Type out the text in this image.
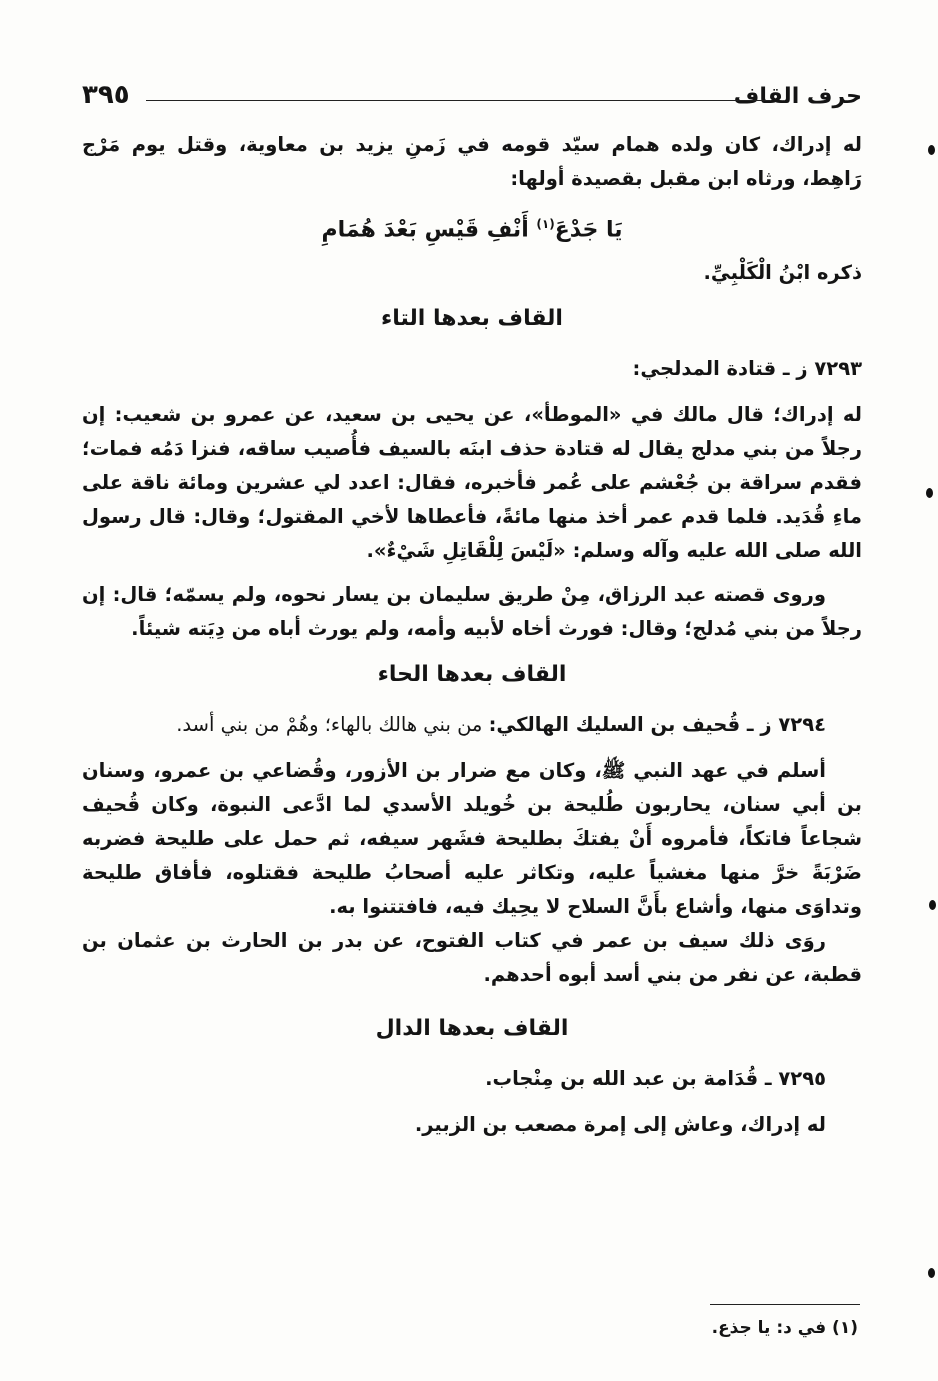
حرف القاف
٣٩٥

له إدراك، كان ولده همام سيّد قومه في زَمنِ يزيد بن معاوية، وقتل يوم مَرْج رَاهِط، ورثاه ابن مقبل بقصيدة أولها:

يَا جَدْعَ$^{(١)}$ أَنْفِ قَيْسِ بَعْدَ هُمَامِ

ذكره ابْنُ الْكَلْبِيِّ.

القاف بعدها التاء

٧٢٩٣ ز ـ قتادة المدلجي:

له إدراك؛ قال مالك في «الموطأ»، عن يحيى بن سعيد، عن عمرو بن شعيب: إن رجلاً من بني مدلج يقال له قتادة حذف ابنَه بالسيف فأُصيب ساقه، فنزا دَمُه فمات؛ فقدم سراقة بن جُعْشم على عُمر فأخبره، فقال: اعدد لي عشرين ومائة ناقة على ماءِ قُدَيد. فلما قدم عمر أخذ منها مائةً، فأعطاها لأخي المقتول؛ وقال: قال رسول الله صلى الله عليه وآله وسلم: «لَيْسَ لِلْقَاتِلِ شَيْءٌ».

وروى قصته عبد الرزاق، مِنْ طريق سليمان بن يسار نحوه، ولم يسمّه؛ قال: إن رجلاً من بني مُدلج؛ وقال: فورث أخاه لأبيه وأمه، ولم يورث أباه من دِيَته شيئاً.

القاف بعدها الحاء

٧٢٩٤ ز ـ قُحيف بن السليك الهالكي: من بني هالك بالهاء؛ وهُمْ من بني أسد.

أسلم في عهد النبي ﷺ، وكان مع ضرار بن الأزور، وقُضاعي بن عمرو، وسنان بن أبي سنان، يحاربون طُليحة بن خُويلد الأسدي لما ادَّعى النبوة، وكان قُحيف شجاعاً فاتكاً، فأمروه أَنْ يفتكَ بطليحة فشَهر سيفه، ثم حمل على طليحة فضربه ضَرْبَةً خرَّ منها مغشياً عليه، وتكاثر عليه أصحابُ طليحة فقتلوه، فأفاق طليحة وتداوَى منها، وأشاع بأَنَّ السلاح لا يحِيك فيه، فافتتنوا به.

روَى ذلك سيف بن عمر في كتاب الفتوح، عن بدر بن الحارث بن عثمان بن قطبة، عن نفر من بني أسد أبوه أحدهم.

القاف بعدها الدال

٧٢٩٥ ـ قُدَامة بن عبد الله بن مِنْجاب.

له إدراك، وعاش إلى إمرة مصعب بن الزبير.

(١) في د: يا جذع.
